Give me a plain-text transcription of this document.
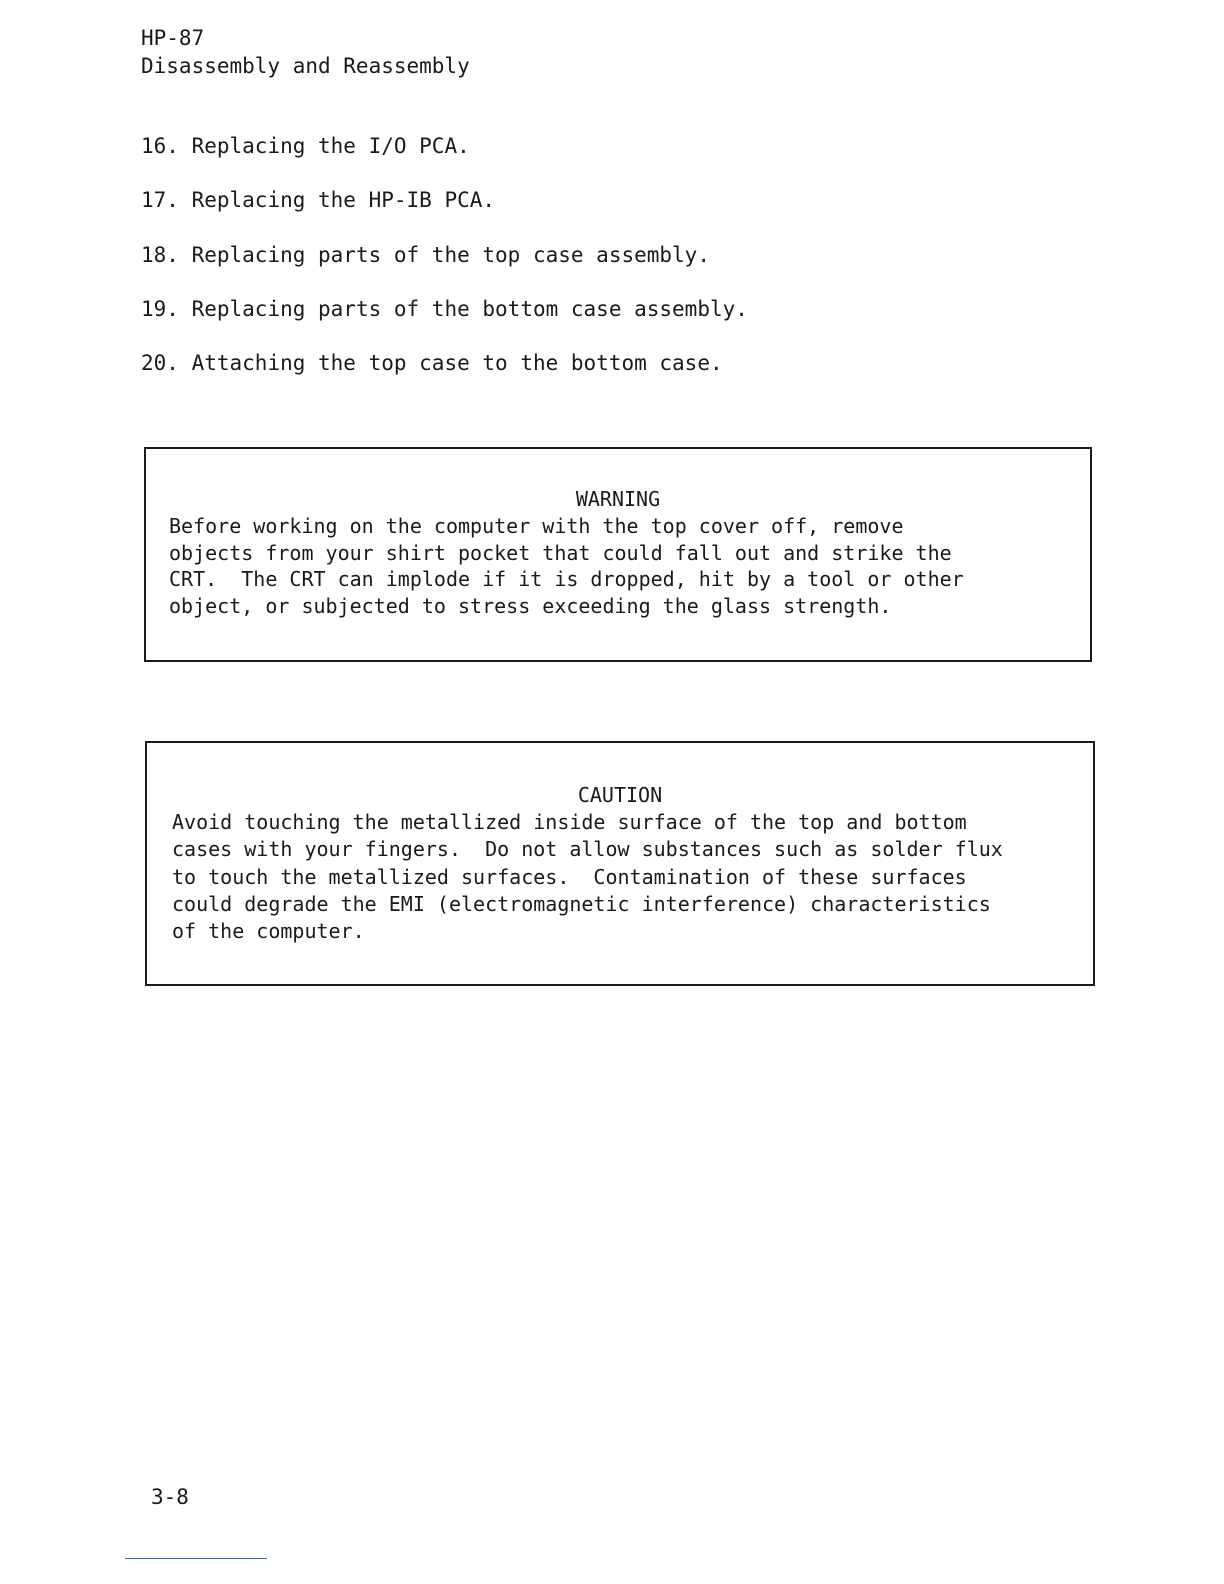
HP-87
Disassembly and Reassembly
16. Replacing the I/O PCA.
17. Replacing the HP-IB PCA.
18. Replacing parts of the top case assembly.
19. Replacing parts of the bottom case assembly.
20. Attaching the top case to the bottom case.
WARNING
Before working on the computer with the top cover off, remove
objects from your shirt pocket that could fall out and strike the
CRT.  The CRT can implode if it is dropped, hit by a tool or other
object, or subjected to stress exceeding the glass strength.
CAUTION
Avoid touching the metallized inside surface of the top and bottom
cases with your fingers.  Do not allow substances such as solder flux
to touch the metallized surfaces.  Contamination of these surfaces
could degrade the EMI (electromagnetic interference) characteristics
of the computer.
3-8
